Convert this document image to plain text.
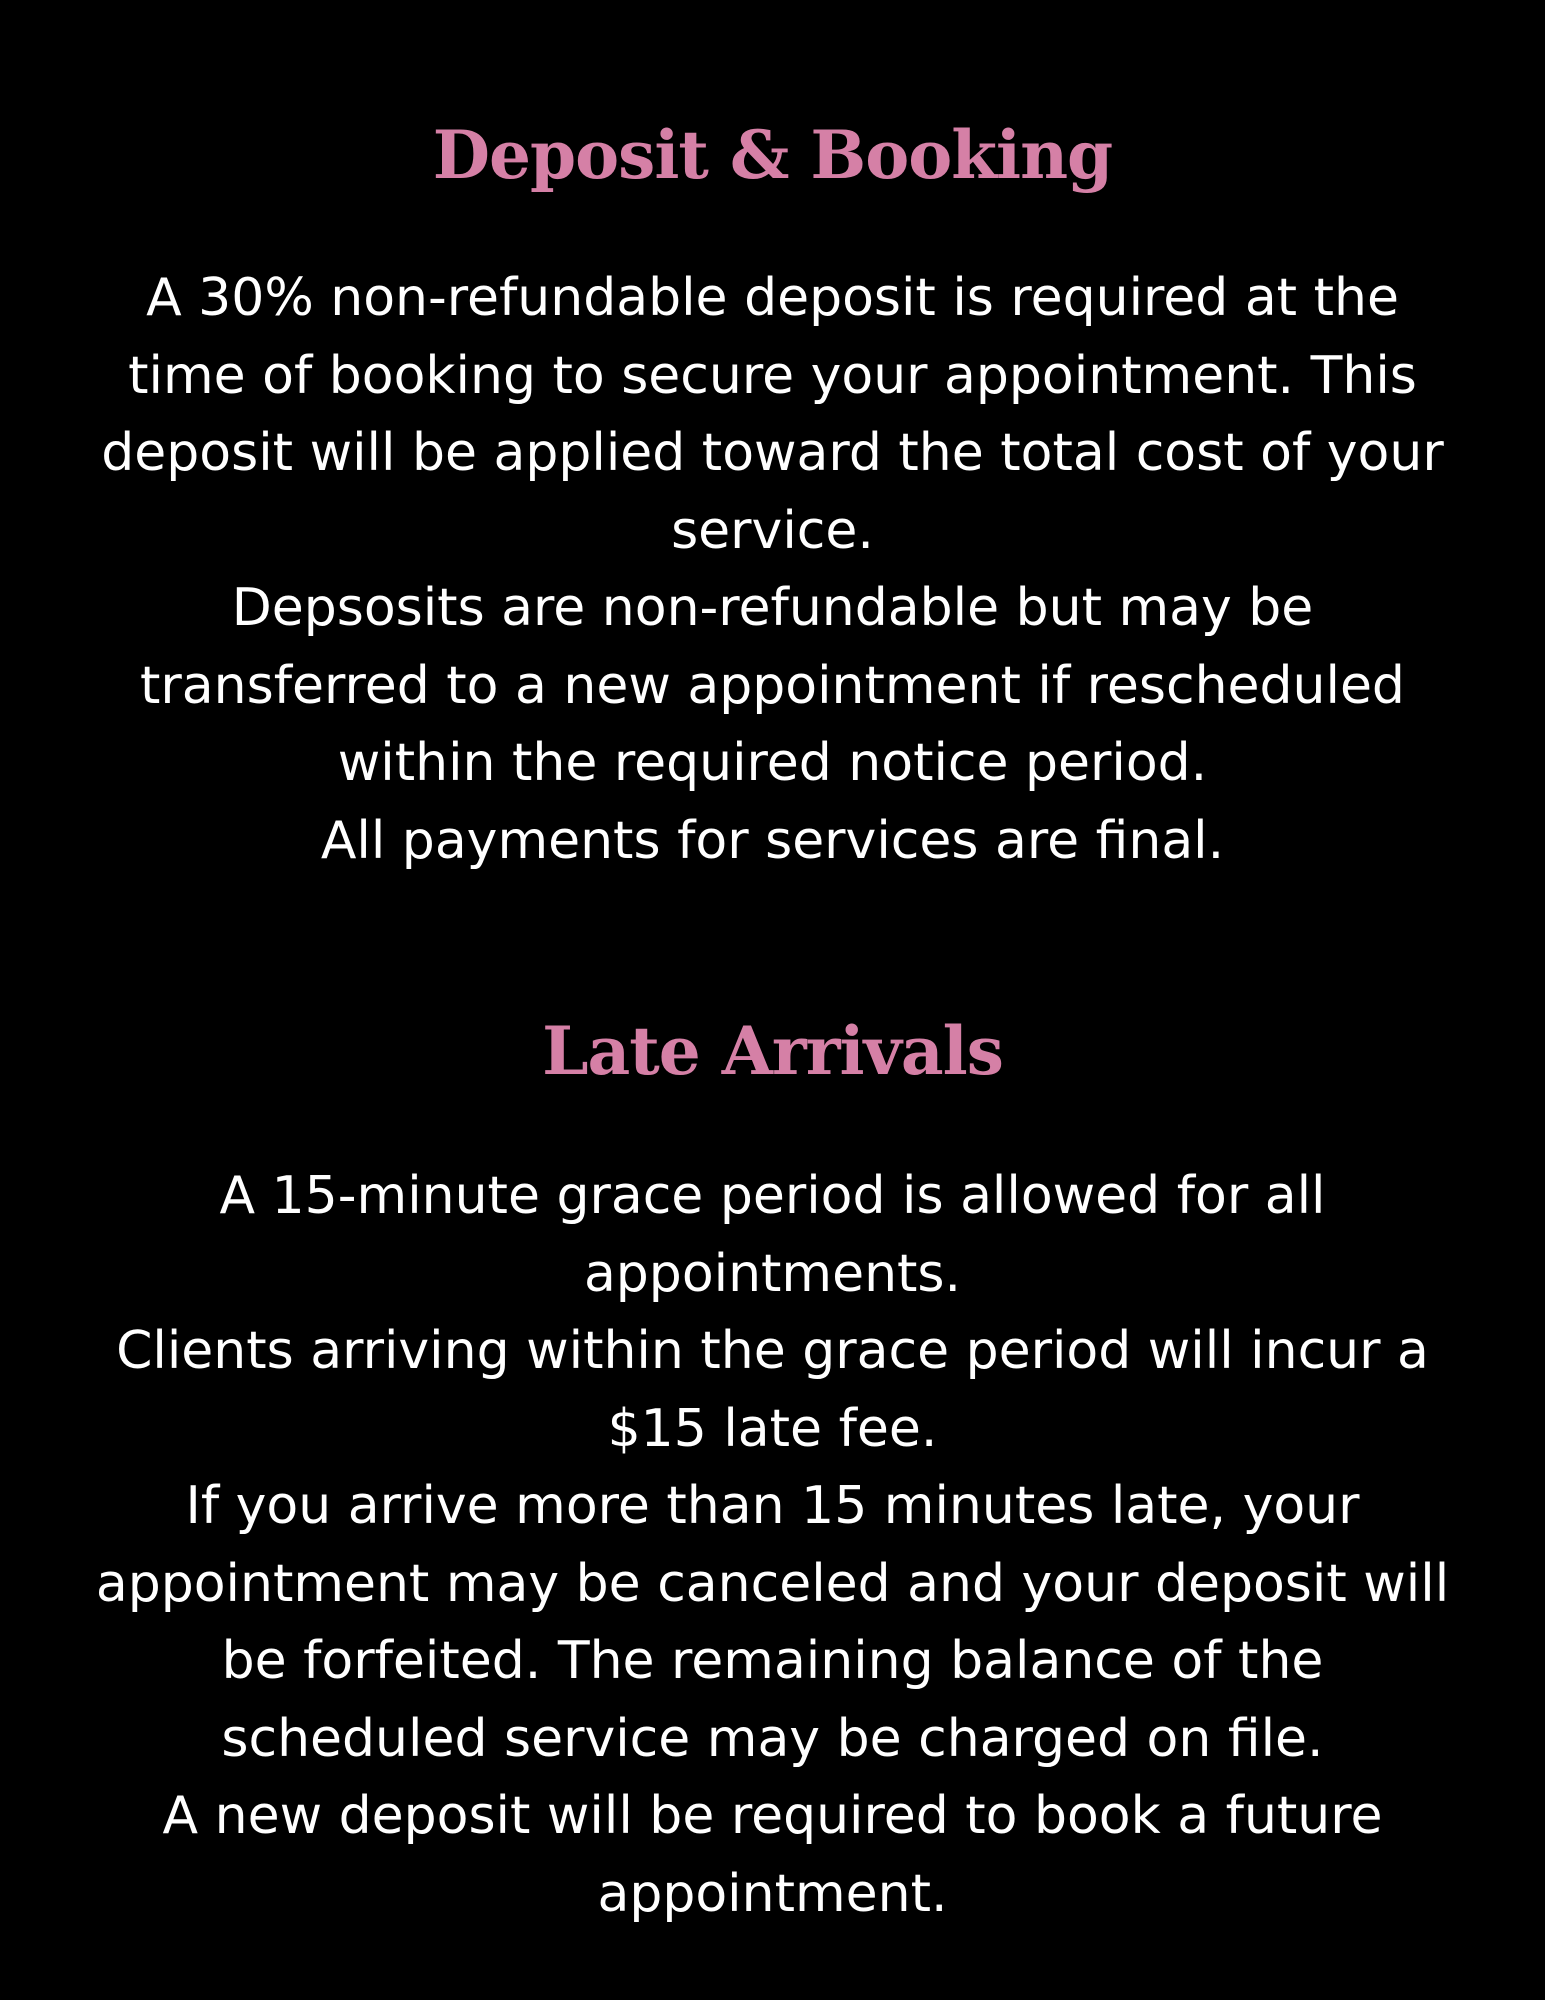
Deposit & Booking
A 30% non-refundable deposit is required at the
time of booking to secure your appointment. This
deposit will be applied toward the total cost of your
service.
Depsosits are non-refundable but may be
transferred to a new appointment if rescheduled
within the required notice period.
All payments for services are final.
Late Arrivals
A 15-minute grace period is allowed for all
appointments.
Clients arriving within the grace period will incur a
$15 late fee.
If you arrive more than 15 minutes late, your
appointment may be canceled and your deposit will
be forfeited. The remaining balance of the
scheduled service may be charged on file.
A new deposit will be required to book a future
appointment.
